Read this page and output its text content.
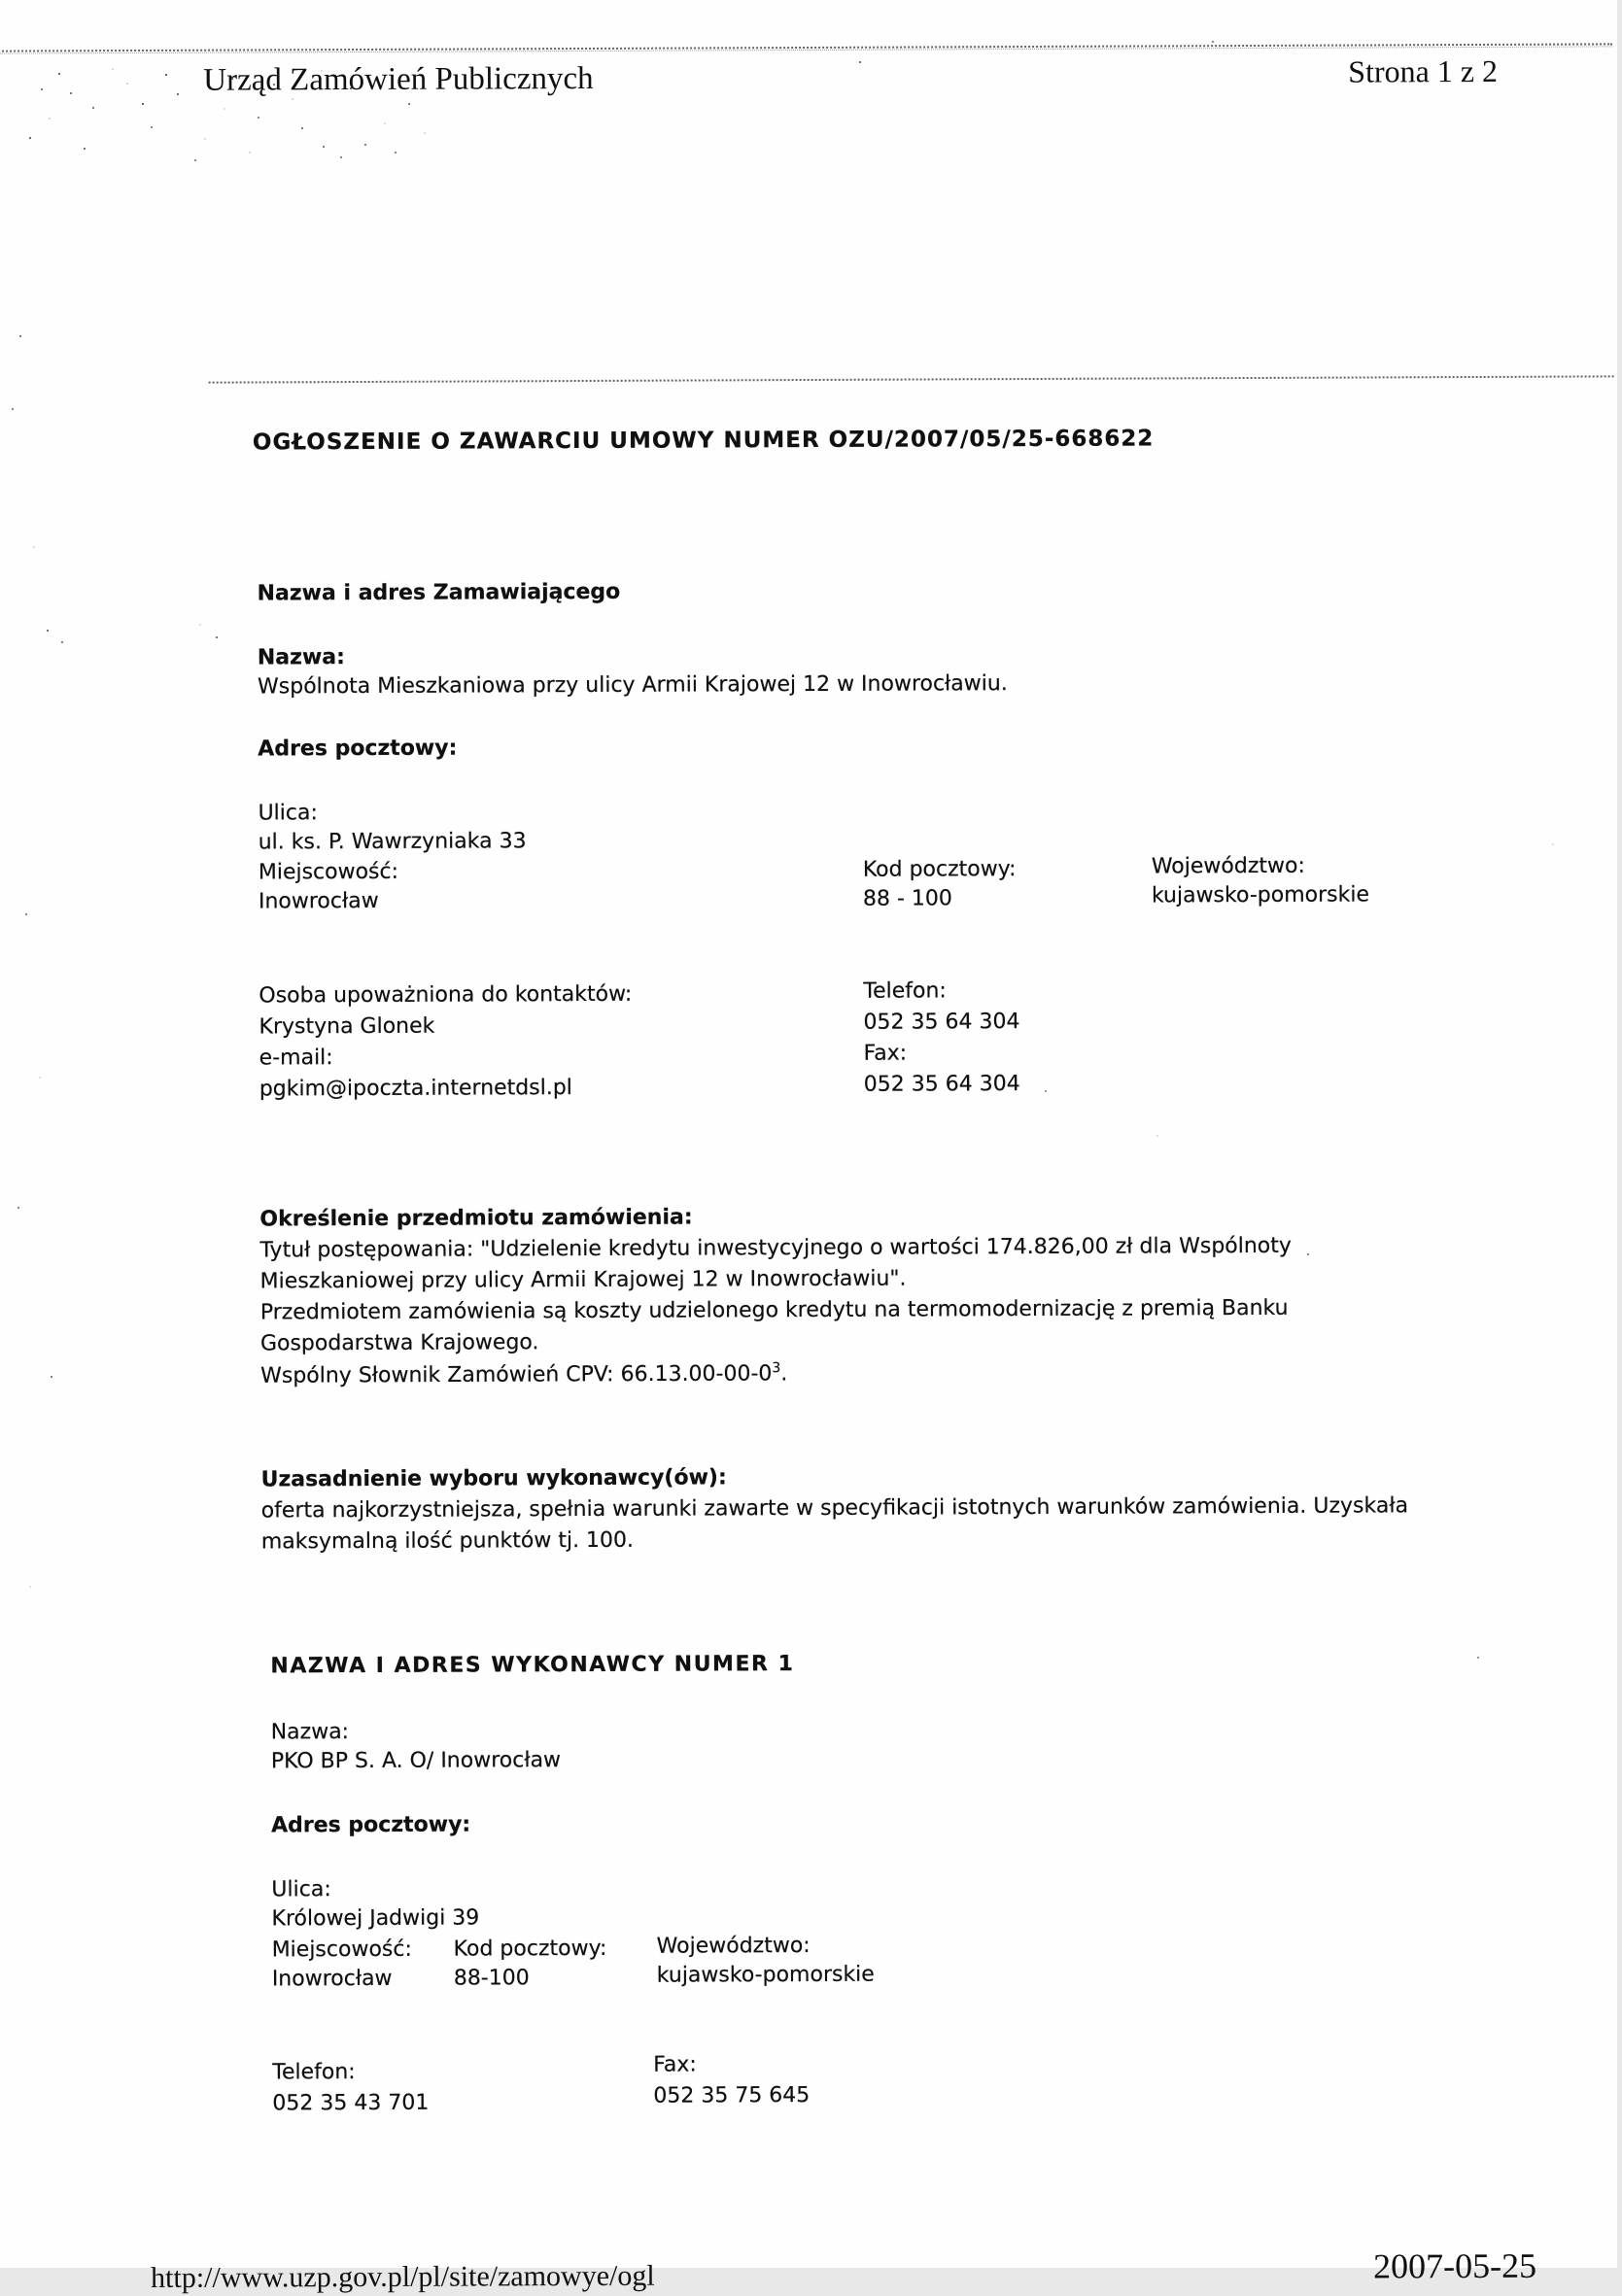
Urząd Zamówień Publicznych	Strona 1 z 2
OGŁOSZENIE O ZAWARCIU UMOWY NUMER OZU/2007/05/25-668622
Nazwa i adres Zamawiającego
Nazwa:
Wspólnota Mieszkaniowa przy ulicy Armii Krajowej 12 w Inowrocławiu.
Adres pocztowy:
Ulica:
ul. ks. P. Wawrzyniaka 33
Miejscowość:
Inowrocław
Kod pocztowy:
88 - 100
Województwo:
kujawsko-pomorskie
Osoba upoważniona do kontaktów:
Krystyna Glonek
e-mail:
pgkim@ipoczta.internetdsl.pl
Telefon:
052 35 64 304
Fax:
052 35 64 304
Określenie przedmiotu zamówienia:
Tytuł postępowania: "Udzielenie kredytu inwestycyjnego o wartości 174.826,00 zł dla Wspólnoty
Mieszkaniowej przy ulicy Armii Krajowej 12 w Inowrocławiu".
Przedmiotem zamówienia są koszty udzielonego kredytu na termomodernizację z premią Banku
Gospodarstwa Krajowego.
Wspólny Słownik Zamówień CPV: $66.13.00-00-0^3$.
Uzasadnienie wyboru wykonawcy(ów):
oferta najkorzystniejsza, spełnia warunki zawarte w specyfikacji istotnych warunków zamówienia. Uzyskała
maksymalną ilość punktów tj. 100.
NAZWA I ADRES WYKONAWCY NUMER 1
Nazwa:
PKO BP S. A. O/ Inowrocław
Adres pocztowy:
Ulica:
Królowej Jadwigi 39
Miejscowość:
Inowrocław
Kod pocztowy:
88-100
Województwo:
kujawsko-pomorskie
Telefon:
052 35 43 701
Fax:
052 35 75 645
http://www.uzp.gov.pl/pl/site/zamowye/ogl	2007-05-25
